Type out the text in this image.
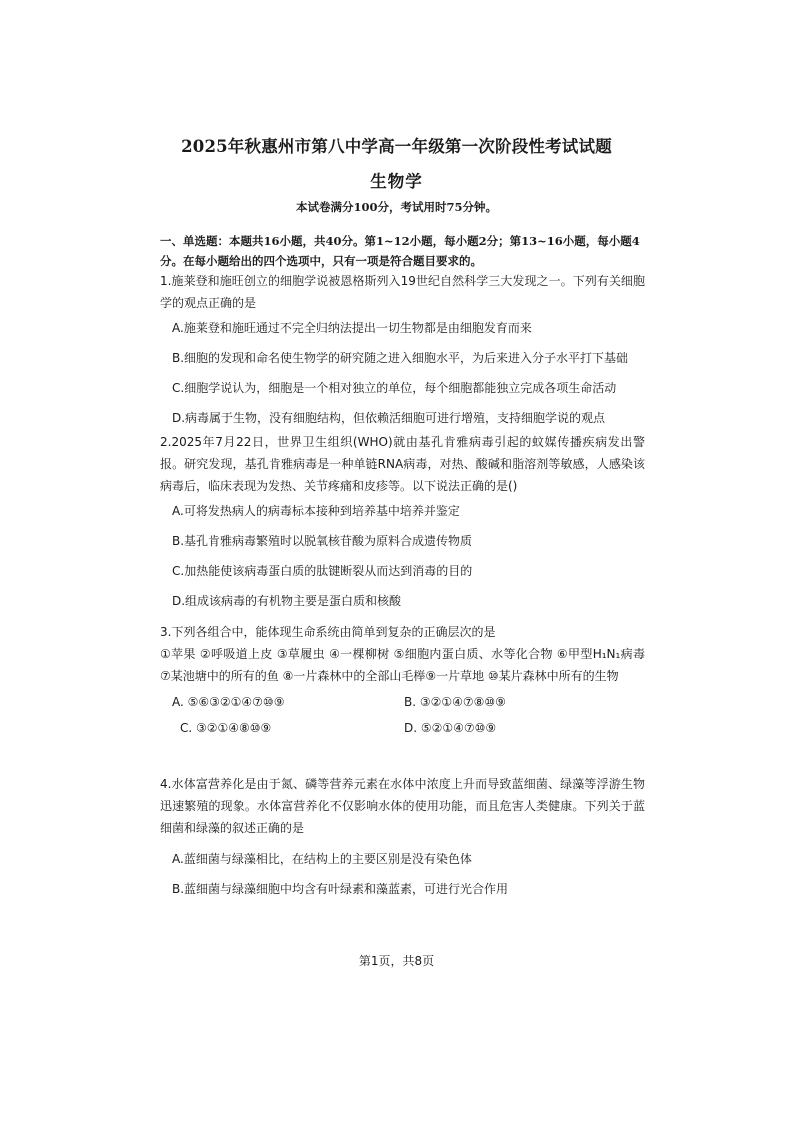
2025年秋惠州市第八中学高一年级第一次阶段性考试试题
生物学
本试卷满分100分，考试用时75分钟。
一、单选题：本题共16小题，共40分。第1~12小题，每小题2分；第13~16小题，每小题4分。在每小题给出的四个选项中，只有一项是符合题目要求的。
1.施莱登和施旺创立的细胞学说被恩格斯列入19世纪自然科学三大发现之一。下列有关细胞学的观点正确的是
A.施莱登和施旺通过不完全归纳法提出一切生物都是由细胞发育而来
B.细胞的发现和命名使生物学的研究随之进入细胞水平，为后来进入分子水平打下基础
C.细胞学说认为，细胞是一个相对独立的单位，每个细胞都能独立完成各项生命活动
D.病毒属于生物，没有细胞结构，但依赖活细胞可进行增殖，支持细胞学说的观点
2.2025年7月22日，世界卫生组织(WHO)就由基孔肯雅病毒引起的蚊媒传播疾病发出警报。研究发现，基孔肯雅病毒是一种单链RNA病毒，对热、酸碱和脂溶剂等敏感，人感染该病毒后，临床表现为发热、关节疼痛和皮疹等。以下说法正确的是()
A.可将发热病人的病毒标本接种到培养基中培养并鉴定
B.基孔肯雅病毒繁殖时以脱氧核苷酸为原料合成遗传物质
C.加热能使该病毒蛋白质的肽键断裂从而达到消毒的目的
D.组成该病毒的有机物主要是蛋白质和核酸
3.下列各组合中，能体现生命系统由简单到复杂的正确层次的是
①苹果 ②呼吸道上皮 ③草履虫 ④一棵柳树 ⑤细胞内蛋白质、水等化合物 ⑥甲型H₁N₁病毒 ⑦某池塘中的所有的鱼 ⑧一片森林中的全部山毛榉⑨一片草地 ⑩某片森林中所有的生物
A. ⑤⑥③②①④⑦⑩⑨	B. ③②①④⑦⑧⑩⑨
C. ③②①④⑧⑩⑨	D. ⑤②①④⑦⑩⑨
4.水体富营养化是由于氮、磷等营养元素在水体中浓度上升而导致蓝细菌、绿藻等浮游生物迅速繁殖的现象。水体富营养化不仅影响水体的使用功能，而且危害人类健康。下列关于蓝细菌和绿藻的叙述正确的是
A.蓝细菌与绿藻相比，在结构上的主要区别是没有染色体
B.蓝细菌与绿藻细胞中均含有叶绿素和藻蓝素，可进行光合作用
第1页，共8页
